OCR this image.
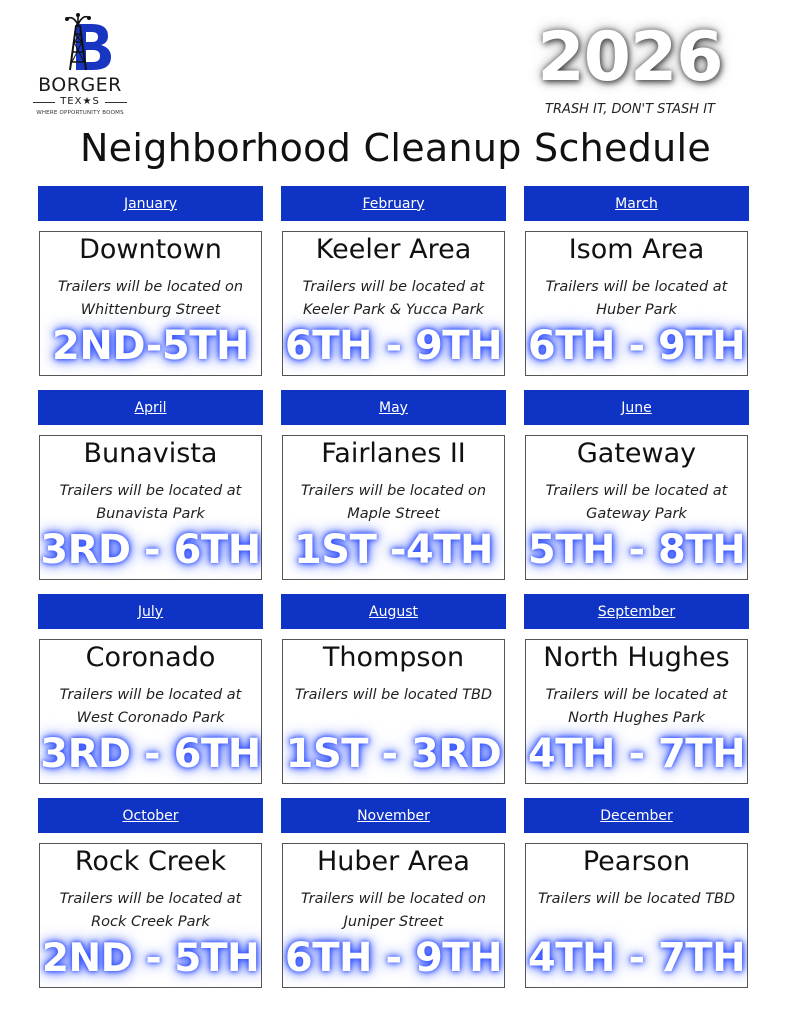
BORGER
TEX★S
WHERE OPPORTUNITY BOOMS
2026
TRASH IT, DON'T STASH IT
Neighborhood Cleanup Schedule
January
Downtown
Trailers will be located on Whittenburg Street
2ND-5TH
February
Keeler Area
Trailers will be located at Keeler Park & Yucca Park
6TH - 9TH
March
Isom Area
Trailers will be located at Huber Park
6TH - 9TH
April
Bunavista
Trailers will be located at Bunavista Park
3RD - 6TH
May
Fairlanes II
Trailers will be located on Maple Street
1ST -4TH
June
Gateway
Trailers will be located at Gateway Park
5TH - 8TH
July
Coronado
Trailers will be located at West Coronado Park
3RD - 6TH
August
Thompson
Trailers will be located TBD
1ST - 3RD
September
North Hughes
Trailers will be located at North Hughes Park
4TH - 7TH
October
Rock Creek
Trailers will be located at Rock Creek Park
2ND - 5TH
November
Huber Area
Trailers will be located on Juniper Street
6TH - 9TH
December
Pearson
Trailers will be located TBD
4TH - 7TH
